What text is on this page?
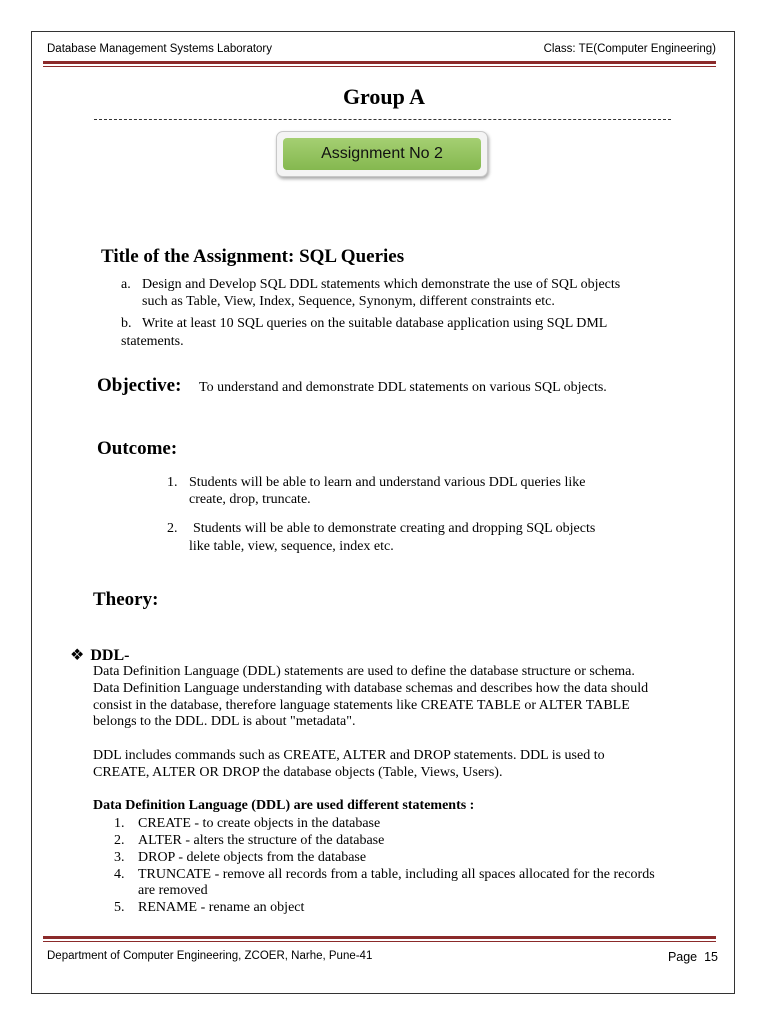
Database Management Systems Laboratory	Class: TE(Computer Engineering)
Group A
Assignment No 2
Title of the Assignment: SQL Queries
a. Design and Develop SQL DDL statements which demonstrate the use of SQL objects
such as Table, View, Index, Sequence, Synonym, different constraints etc.
b. Write at least 10 SQL queries on the suitable database application using SQL DML
statements.
Objective: To understand and demonstrate DDL statements on various SQL objects.
Outcome:
1. Students will be able to learn and understand various DDL queries like
create, drop, truncate.
2. Students will be able to demonstrate creating and dropping SQL objects
like table, view, sequence, index etc.
Theory:
❖ DDL-
Data Definition Language (DDL) statements are used to define the database structure or schema.
Data Definition Language understanding with database schemas and describes how the data should
consist in the database, therefore language statements like CREATE TABLE or ALTER TABLE
belongs to the DDL. DDL is about "metadata".
DDL includes commands such as CREATE, ALTER and DROP statements. DDL is used to
CREATE, ALTER OR DROP the database objects (Table, Views, Users).
Data Definition Language (DDL) are used different statements :
1. CREATE - to create objects in the database
2. ALTER - alters the structure of the database
3. DROP - delete objects from the database
4. TRUNCATE - remove all records from a table, including all spaces allocated for the records
are removed
5. RENAME - rename an object
Department of Computer Engineering, ZCOER, Narhe, Pune-41	Page 15
